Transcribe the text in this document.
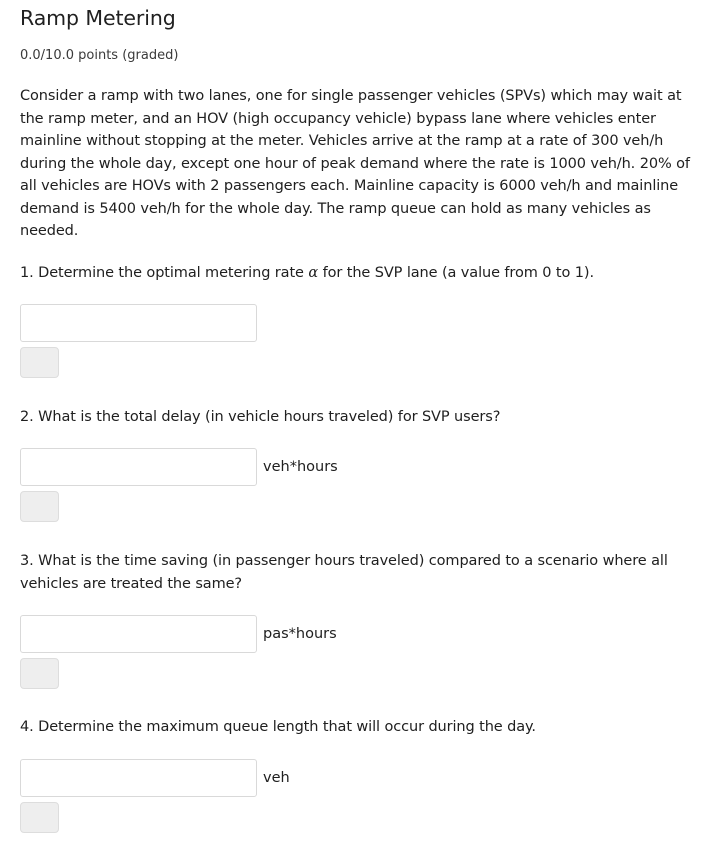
Ramp Metering
0.0/10.0 points (graded)
Consider a ramp with two lanes, one for single passenger vehicles (SPVs) which may wait at the ramp meter, and an HOV (high occupancy vehicle) bypass lane where vehicles enter mainline without stopping at the meter. Vehicles arrive at the ramp at a rate of 300 veh/h during the whole day, except one hour of peak demand where the rate is 1000 veh/h. 20% of all vehicles are HOVs with 2 passengers each. Mainline capacity is 6000 veh/h and mainline demand is 5400 veh/h for the whole day. The ramp queue can hold as many vehicles as needed.
1. Determine the optimal metering rate α for the SVP lane (a value from 0 to 1).
2. What is the total delay (in vehicle hours traveled) for SVP users?
veh*hours
3. What is the time saving (in passenger hours traveled) compared to a scenario where all vehicles are treated the same?
pas*hours
4. Determine the maximum queue length that will occur during the day.
veh
